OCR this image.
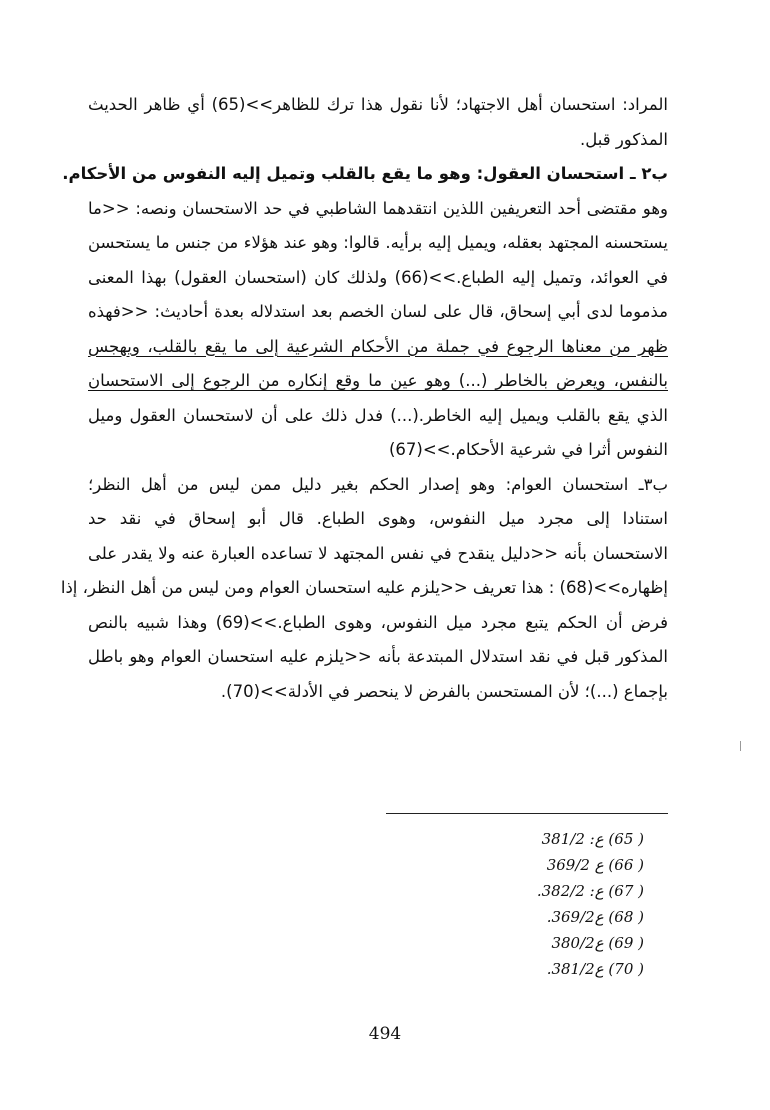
المراد: استحسان أهل الاجتهاد؛ لأنا نقول هذا ترك للظاهر>>(65) أي ظاهر الحديث
المذكور قبل.

ب٢ ـ استحسان العقول: وهو ما يقع بالقلب وتميل إليه النفوس من الأحكام.

وهو مقتضى أحد التعريفين اللذين انتقدهما الشاطبي في حد الاستحسان ونصه: <<ما
يستحسنه المجتهد بعقله، ويميل إليه برأيه. قالوا: وهو عند هؤلاء من جنس ما يستحسن
في العوائد، وتميل إليه الطباع.>>(66) ولذلك كان (استحسان العقول) بهذا المعنى
مذموما لدى أبي إسحاق، قال على لسان الخصم بعد استدلاله بعدة أحاديث: <<فهذه
ظهر من معناها الرجوع في جملة من الأحكام الشرعية إلى ما يقع بالقلب، ويهجس
بالنفس، ويعرض بالخاطر (...) وهو عين ما وقع إنكاره من الرجوع إلى الاستحسان
الذي يقع بالقلب ويميل إليه الخاطر.(...) فدل ذلك على أن لاستحسان العقول وميل
النفوس أثرا في شرعية الأحكام.>>(67)

ب٣ـ استحسان العوام: وهو إصدار الحكم بغير دليل ممن ليس من أهل النظر؛
استنادا إلى مجرد ميل النفوس، وهوى الطباع. قال أبو إسحاق في نقد حد
الاستحسان بأنه <<دليل ينقدح في نفس المجتهد لا تساعده العبارة عنه ولا يقدر على
إظهاره>>(68) : هذا تعريف <<يلزم عليه استحسان العوام ومن ليس من أهل النظر، إذا
فرض أن الحكم يتبع مجرد ميل النفوس، وهوى الطباع.>>(69) وهذا شبيه بالنص
المذكور قبل في نقد استدلال المبتدعة بأنه <<يلزم عليه استحسان العوام وهو باطل
بإجماع (...)؛ لأن المستحسن بالفرض لا ينحصر في الأدلة>>(70).

( 65) ع: 381/2
( 66) ع 369/2
( 67) ع: 382/2.
( 68) ع369/2.
( 69) ع380/2
( 70) ع381/2.
494
